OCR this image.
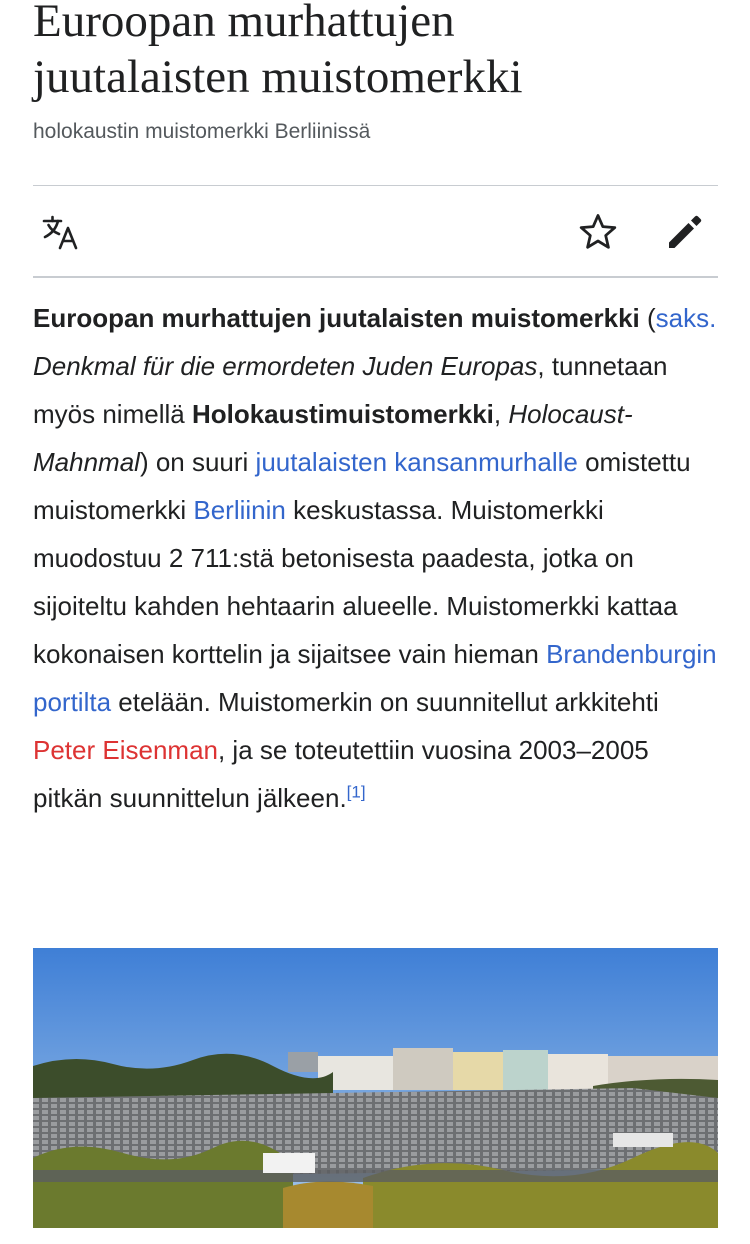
Euroopan murhattujen
juutalaisten muistomerkki
holokaustin muistomerkki Berliinissä
Euroopan murhattujen juutalaisten muistomerkki (saks. Denkmal für die ermordeten Juden Europas, tunnetaan myös nimellä Holokaustimuistomerkki, Holocaust-Mahnmal) on suuri juutalaisten kansanmurhalle omistettu muistomerkki Berliinin keskustassa. Muistomerkki muodostuu 2 711:stä betonisesta paadesta, jotka on sijoiteltu kahden hehtaarin alueelle. Muistomerkki kattaa kokonaisen korttelin ja sijaitsee vain hieman Brandenburgin portilta etelään. Muistomerkin on suunnitellut arkkitehti Peter Eisenman, ja se toteutettiin vuosina 2003–2005 pitkän suunnittelun jälkeen.[1]
